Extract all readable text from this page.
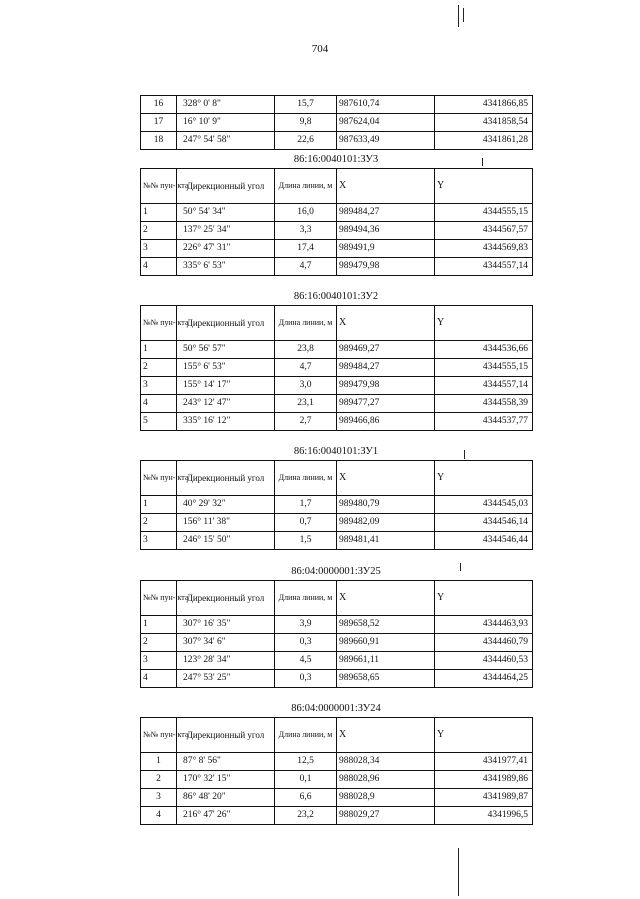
704
16	328° 0' 8"	15,7	987610,74	4341866,85
17	16° 10' 9"	9,8	987624,04	4341858,54
18	247° 54' 58"	22,6	987633,49	4341861,28
86:16:0040101:ЗУ3
№№ пун- кта	Дирекционный угол	Длина линии, м	X	Y
1	50° 54' 34"	16,0	989484,27	4344555,15
2	137° 25' 34"	3,3	989494,36	4344567,57
3	226° 47' 31"	17,4	989491,9	4344569,83
4	335° 6' 53"	4,7	989479,98	4344557,14
86:16:0040101:ЗУ2
№№ пун- кта	Дирекционный угол	Длина линии, м	X	Y
1	50° 56' 57"	23,8	989469,27	4344536,66
2	155° 6' 53"	4,7	989484,27	4344555,15
3	155° 14' 17"	3,0	989479,98	4344557,14
4	243° 12' 47"	23,1	989477,27	4344558,39
5	335° 16' 12"	2,7	989466,86	4344537,77
86:16:0040101:ЗУ1
№№ пун- кта	Дирекционный угол	Длина линии, м	X	Y
1	40° 29' 32"	1,7	989480,79	4344545,03
2	156° 11' 38"	0,7	989482,09	4344546,14
3	246° 15' 50"	1,5	989481,41	4344546,44
86:04:0000001:ЗУ25
№№ пун- кта	Дирекционный угол	Длина линии, м	X	Y
1	307° 16' 35"	3,9	989658,52	4344463,93
2	307° 34' 6"	0,3	989660,91	4344460,79
3	123° 28' 34"	4,5	989661,11	4344460,53
4	247° 53' 25"	0,3	989658,65	4344464,25
86:04:0000001:ЗУ24
№№ пун- кта	Дирекционный угол	Длина линии, м	X	Y
1	87° 8' 56"	12,5	988028,34	4341977,41
2	170° 32' 15"	0,1	988028,96	4341989,86
3	86° 48' 20"	6,6	988028,9	4341989,87
4	216° 47' 26"	23,2	988029,27	4341996,5
